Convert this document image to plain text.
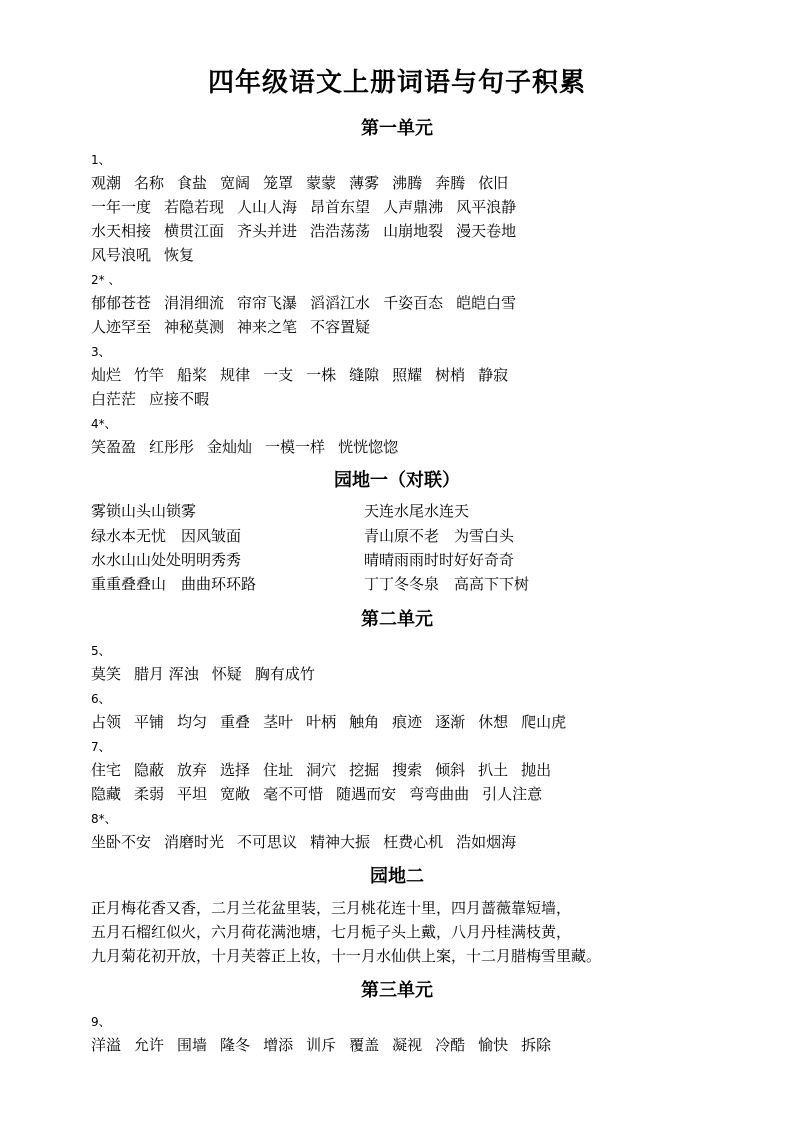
四年级语文上册词语与句子积累
第一单元
1、
观潮 名称 食盐 宽阔 笼罩 蒙蒙 薄雾 沸腾 奔腾 依旧
一年一度 若隐若现 人山人海 昂首东望 人声鼎沸 风平浪静
水天相接 横贯江面 齐头并进 浩浩荡荡 山崩地裂 漫天卷地
风号浪吼 恢复
2* 、
郁郁苍苍 涓涓细流 帘帘飞瀑 滔滔江水 千姿百态 皑皑白雪
人迹罕至 神秘莫测 神来之笔 不容置疑
3、
灿烂 竹竿 船桨 规律 一支 一株 缝隙 照耀 树梢 静寂
白茫茫 应接不暇
4*、
笑盈盈 红彤彤 金灿灿 一模一样 恍恍惚惚
园地一（对联）
雾锁山头山锁雾	天连水尾水连天
绿水本无忧　因风皱面	青山原不老　为雪白头
水水山山处处明明秀秀	晴晴雨雨时时好好奇奇
重重叠叠山　曲曲环环路	丁丁冬冬泉　高高下下树
第二单元
5、
莫笑 腊月 浑浊 怀疑 胸有成竹
6、
占领 平铺 均匀 重叠 茎叶 叶柄 触角 痕迹 逐渐 休想 爬山虎
7、
住宅 隐蔽 放弃 选择 住址 洞穴 挖掘 搜索 倾斜 扒土 抛出
隐藏 柔弱 平坦 宽敞 毫不可惜 随遇而安 弯弯曲曲 引人注意
8*、
坐卧不安 消磨时光 不可思议 精神大振 枉费心机 浩如烟海
园地二
正月梅花香又香，二月兰花盆里装，三月桃花连十里，四月蔷薇靠短墙，
五月石榴红似火，六月荷花满池塘，七月栀子头上戴，八月丹桂满枝黄，
九月菊花初开放，十月芙蓉正上妆，十一月水仙供上案，十二月腊梅雪里藏。
第三单元
9、
洋溢 允许 围墙 隆冬 增添 训斥 覆盖 凝视 冷酷 愉快 拆除
